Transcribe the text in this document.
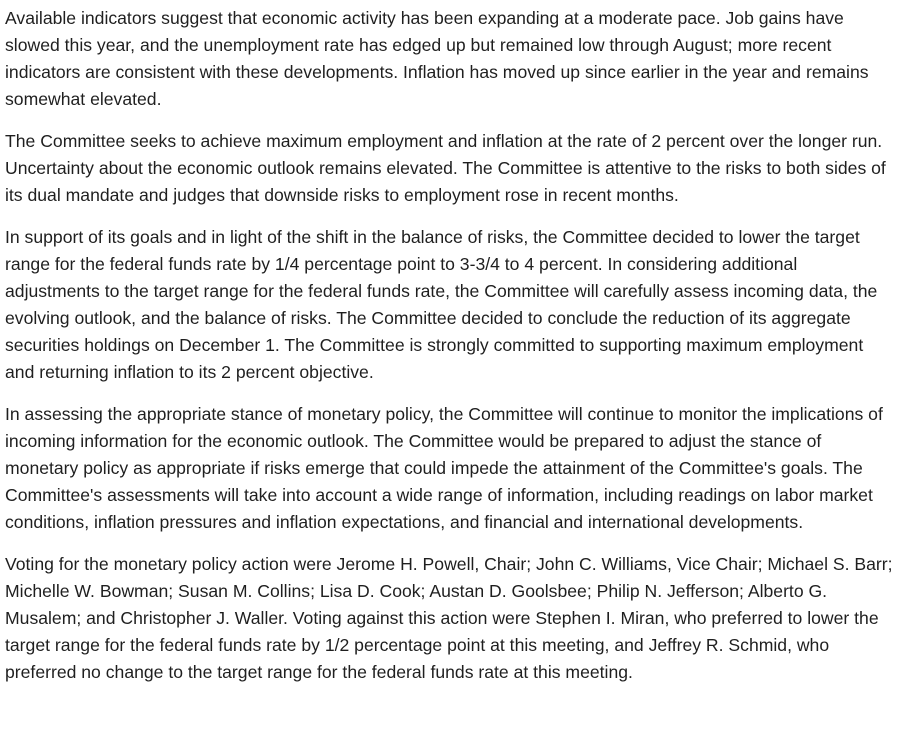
Available indicators suggest that economic activity has been expanding at a moderate pace. Job gains have slowed this year, and the unemployment rate has edged up but remained low through August; more recent indicators are consistent with these developments. Inflation has moved up since earlier in the year and remains somewhat elevated.

The Committee seeks to achieve maximum employment and inflation at the rate of 2 percent over the longer run. Uncertainty about the economic outlook remains elevated. The Committee is attentive to the risks to both sides of its dual mandate and judges that downside risks to employment rose in recent months.

In support of its goals and in light of the shift in the balance of risks, the Committee decided to lower the target range for the federal funds rate by 1/4 percentage point to 3-3/4 to 4 percent. In considering additional adjustments to the target range for the federal funds rate, the Committee will carefully assess incoming data, the evolving outlook, and the balance of risks. The Committee decided to conclude the reduction of its aggregate securities holdings on December 1. The Committee is strongly committed to supporting maximum employment and returning inflation to its 2 percent objective.

In assessing the appropriate stance of monetary policy, the Committee will continue to monitor the implications of incoming information for the economic outlook. The Committee would be prepared to adjust the stance of monetary policy as appropriate if risks emerge that could impede the attainment of the Committee's goals. The Committee's assessments will take into account a wide range of information, including readings on labor market conditions, inflation pressures and inflation expectations, and financial and international developments.

Voting for the monetary policy action were Jerome H. Powell, Chair; John C. Williams, Vice Chair; Michael S. Barr; Michelle W. Bowman; Susan M. Collins; Lisa D. Cook; Austan D. Goolsbee; Philip N. Jefferson; Alberto G. Musalem; and Christopher J. Waller. Voting against this action were Stephen I. Miran, who preferred to lower the target range for the federal funds rate by 1/2 percentage point at this meeting, and Jeffrey R. Schmid, who preferred no change to the target range for the federal funds rate at this meeting.
